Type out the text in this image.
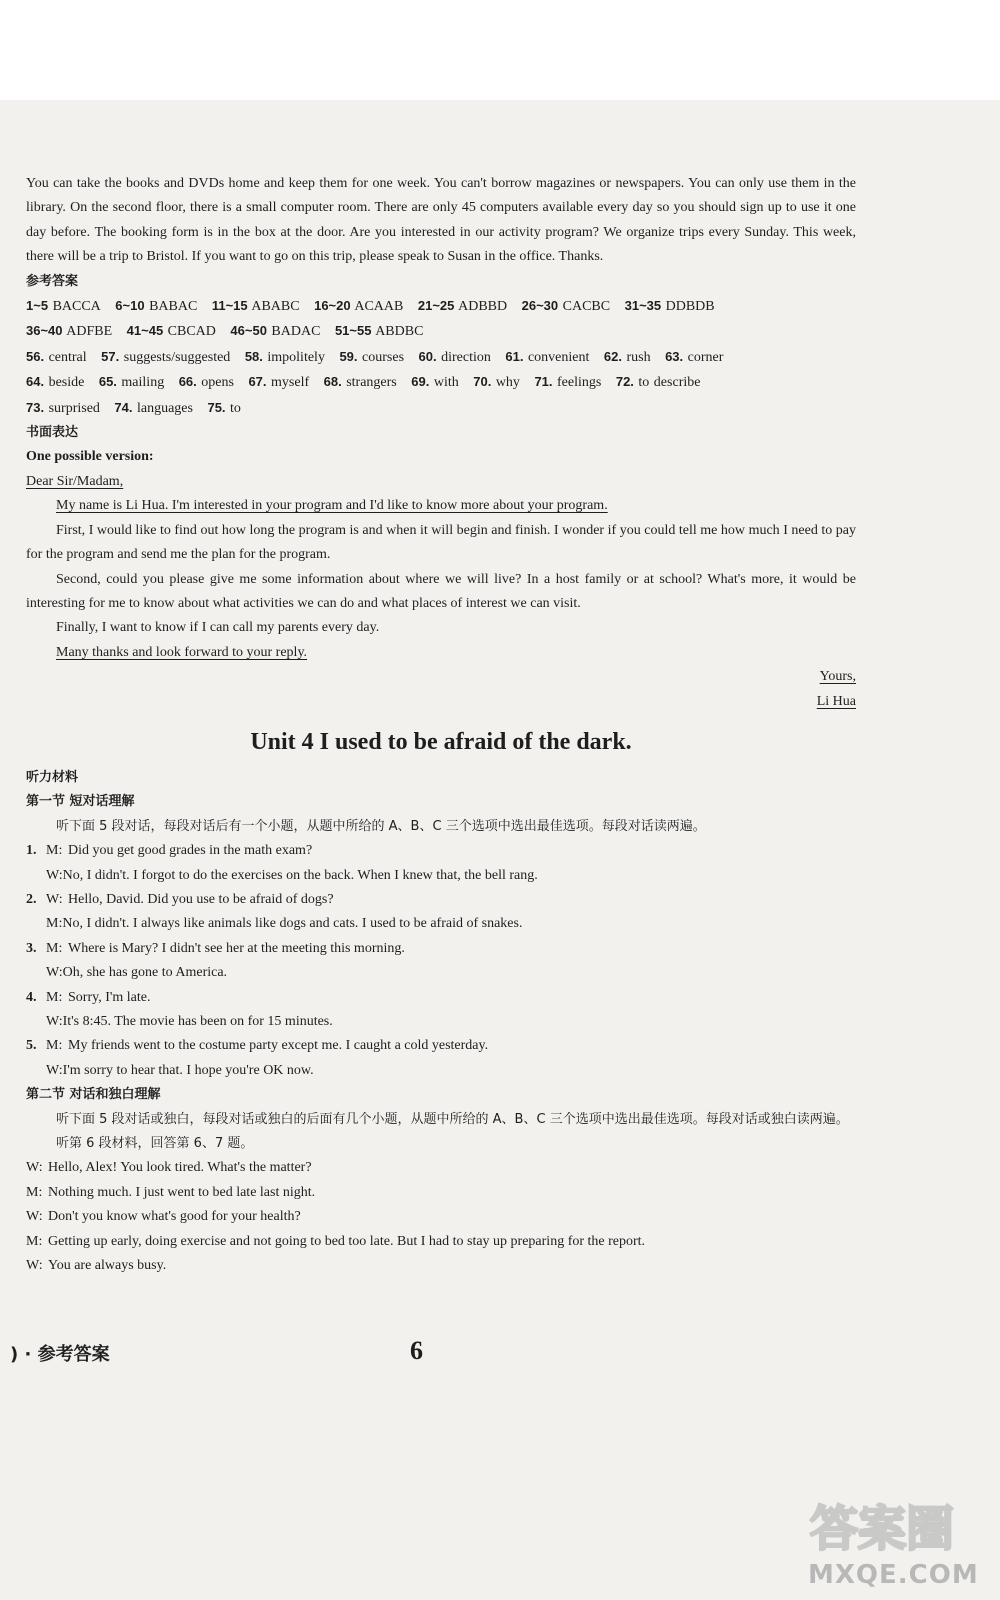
You can take the books and DVDs home and keep them for one week. You can't borrow magazines or newspapers. You can only use them in the library. On the second floor, there is a small computer room. There are only 45 computers available every day so you should sign up to use it one day before. The booking form is in the box at the door. Are you interested in our activity program? We organize trips every Sunday. This week, there will be a trip to Bristol. If you want to go on this trip, please speak to Susan in the office. Thanks.

参考答案

1~5 BACCA 6~10 BABAC 11~15 ABABC 16~20 ACAAB 21~25 ADBBD 26~30 CACBC 31~35 DDBDB

36~40 ADFBE 41~45 CBCAD 46~50 BADAC 51~55 ABDBC

56. central 57. suggests/suggested 58. impolitely 59. courses 60. direction 61. convenient 62. rush 63. corner

64. beside 65. mailing 66. opens 67. myself 68. strangers 69. with 70. why 71. feelings 72. to describe

73. surprised 74. languages 75. to

书面表达

One possible version:

Dear Sir/Madam,

My name is Li Hua. I'm interested in your program and I'd like to know more about your program.

First, I would like to find out how long the program is and when it will begin and finish. I wonder if you could tell me how much I need to pay for the program and send me the plan for the program.

Second, could you please give me some information about where we will live? In a host family or at school? What's more, it would be interesting for me to know about what activities we can do and what places of interest we can visit.

Finally, I want to know if I can call my parents every day.

Many thanks and look forward to your reply.

Yours,

Li Hua

Unit 4 I used to be afraid of the dark.

听力材料

第一节 短对话理解

听下面 5 段对话，每段对话后有一个小题，从题中所给的 A、B、C 三个选项中选出最佳选项。每段对话读两遍。

1. M: Did you get good grades in the math exam?

W:No, I didn't. I forgot to do the exercises on the back. When I knew that, the bell rang.

2. W: Hello, David. Did you use to be afraid of dogs?

M:No, I didn't. I always like animals like dogs and cats. I used to be afraid of snakes.

3. M: Where is Mary? I didn't see her at the meeting this morning.

W:Oh, she has gone to America.

4. M: Sorry, I'm late.

W:It's 8:45. The movie has been on for 15 minutes.

5. M: My friends went to the costume party except me. I caught a cold yesterday.

W:I'm sorry to hear that. I hope you're OK now.

第二节 对话和独白理解

听下面 5 段对话或独白，每段对话或独白的后面有几个小题，从题中所给的 A、B、C 三个选项中选出最佳选项。每段对话或独白读两遍。

听第 6 段材料，回答第 6、7 题。

W: Hello, Alex! You look tired. What's the matter?

M: Nothing much. I just went to bed late last night.

W: Don't you know what's good for your health?

M: Getting up early, doing exercise and not going to bed too late. But I had to stay up preparing for the report.

W: You are always busy.

) · 参考答案	6
答案圈
MXQE.COM
